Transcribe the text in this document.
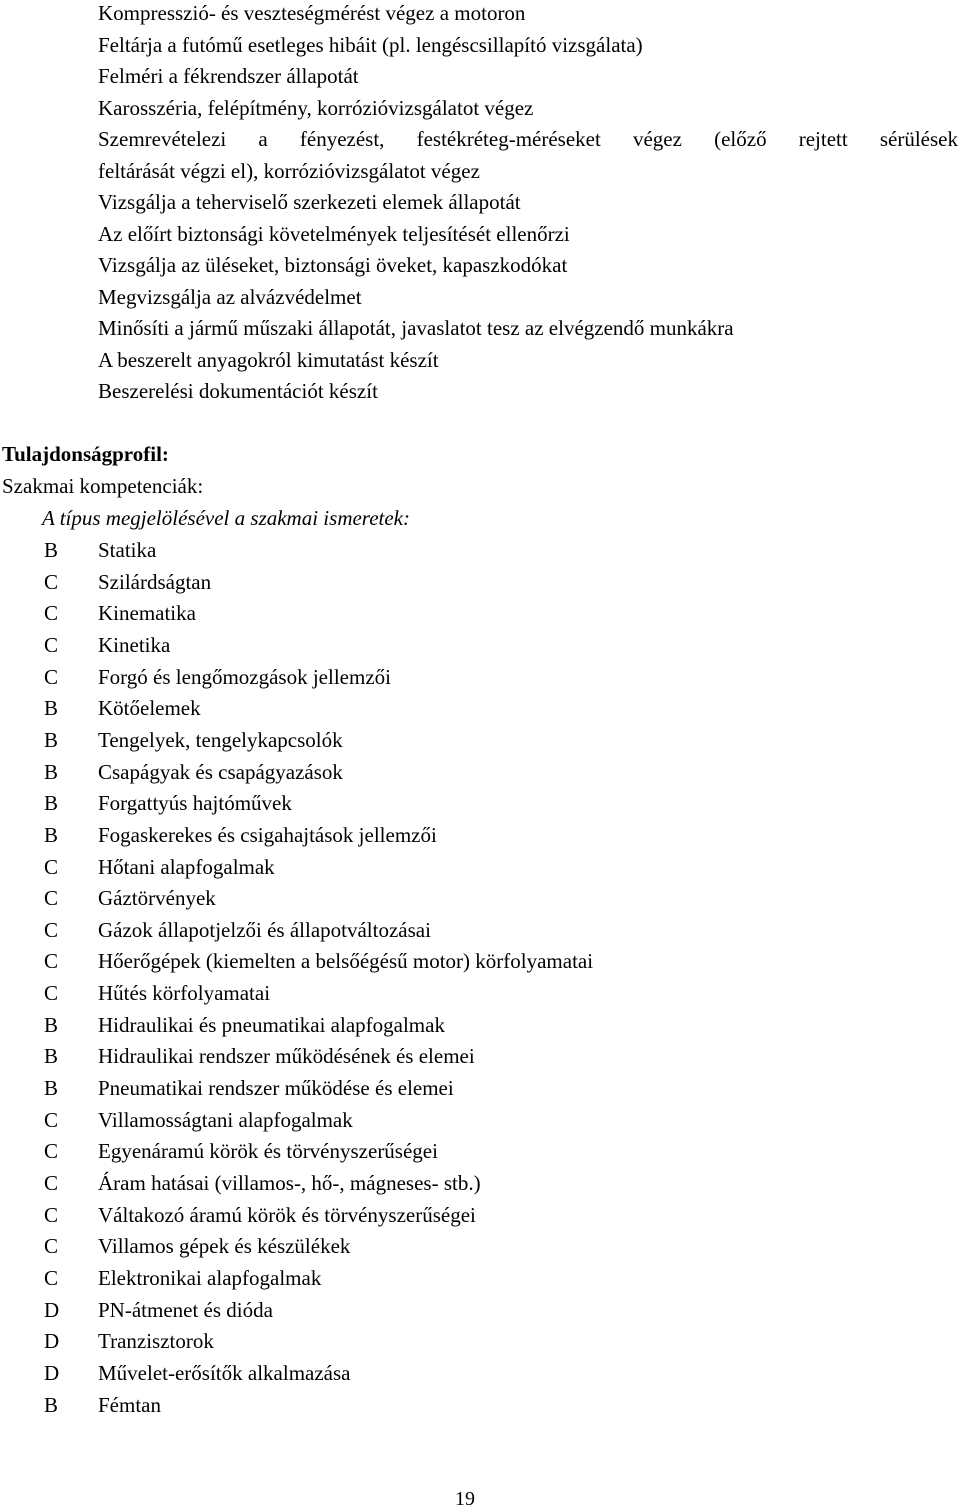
Kompresszió- és veszteségmérést végez a motoron
Feltárja a futómű esetleges hibáit (pl. lengéscsillapító vizsgálata)
Felméri a fékrendszer állapotát
Karosszéria, felépítmény, korrózióvizsgálatot végez
Szemrevételezi a fényezést, festékréteg-méréseket végez (előző rejtett sérülések
feltárását végzi el), korrózióvizsgálatot végez
Vizsgálja a teherviselő szerkezeti elemek állapotát
Az előírt biztonsági követelmények teljesítését ellenőrzi
Vizsgálja az üléseket, biztonsági öveket, kapaszkodókat
Megvizsgálja az alvázvédelmet
Minősíti a jármű műszaki állapotát, javaslatot tesz az elvégzendő munkákra
A beszerelt anyagokról kimutatást készít
Beszerelési dokumentációt készít
Tulajdonságprofil:
Szakmai kompetenciák:
A típus megjelölésével a szakmai ismeretek:
B	Statika
C	Szilárdságtan
C	Kinematika
C	Kinetika
C	Forgó és lengőmozgások jellemzői
B	Kötőelemek
B	Tengelyek, tengelykapcsolók
B	Csapágyak és csapágyazások
B	Forgattyús hajtóművek
B	Fogaskerekes és csigahajtások jellemzői
C	Hőtani alapfogalmak
C	Gáztörvények
C	Gázok állapotjelzői és állapotváltozásai
C	Hőerőgépek (kiemelten a belsőégésű motor) körfolyamatai
C	Hűtés körfolyamatai
B	Hidraulikai és pneumatikai alapfogalmak
B	Hidraulikai rendszer működésének és elemei
B	Pneumatikai rendszer működése és elemei
C	Villamosságtani alapfogalmak
C	Egyenáramú körök és törvényszerűségei
C	Áram hatásai (villamos-, hő-, mágneses- stb.)
C	Váltakozó áramú körök és törvényszerűségei
C	Villamos gépek és készülékek
C	Elektronikai alapfogalmak
D	PN-átmenet és dióda
D	Tranzisztorok
D	Művelet-erősítők alkalmazása
B	Fémtan
19
